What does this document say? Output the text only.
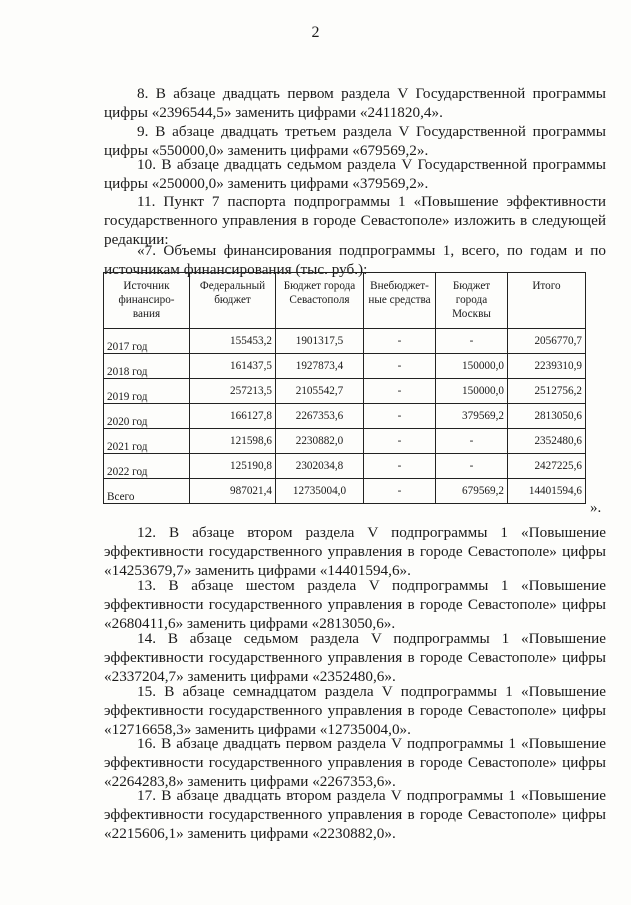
2
8. В абзаце двадцать первом раздела V Государственной программы цифры «2396544,5» заменить цифрами «2411820,4».
9. В абзаце двадцать третьем раздела V Государственной программы цифры «550000,0» заменить цифрами «679569,2».
10. В абзаце двадцать седьмом раздела V Государственной программы цифры «250000,0» заменить цифрами «379569,2».
11. Пункт 7 паспорта подпрограммы 1 «Повышение эффективности государственного управления в городе Севастополе» изложить в следующей редакции:
«7. Объемы финансирования подпрограммы 1, всего, по годам и по источникам финансирования (тыс. руб.):
Источник финансиро-вания	Федеральный бюджет	Бюджет города Севастополя	Внебюджет-ные средства	Бюджет города Москвы	Итого
2017 год	155453,2	1901317,5	-	-	2056770,7
2018 год	161437,5	1927873,4	-	150000,0	2239310,9
2019 год	257213,5	2105542,7	-	150000,0	2512756,2
2020 год	166127,8	2267353,6	-	379569,2	2813050,6
2021 год	121598,6	2230882,0	-	-	2352480,6
2022 год	125190,8	2302034,8	-	-	2427225,6
Всего	987021,4	12735004,0	-	679569,2	14401594,6
».
12. В абзаце втором раздела V подпрограммы 1 «Повышение эффективности государственного управления в городе Севастополе» цифры «14253679,7» заменить цифрами «14401594,6».
13. В абзаце шестом раздела V подпрограммы 1 «Повышение эффективности государственного управления в городе Севастополе» цифры «2680411,6» заменить цифрами «2813050,6».
14. В абзаце седьмом раздела V подпрограммы 1 «Повышение эффективности государственного управления в городе Севастополе» цифры «2337204,7» заменить цифрами «2352480,6».
15. В абзаце семнадцатом раздела V подпрограммы 1 «Повышение эффективности государственного управления в городе Севастополе» цифры «12716658,3» заменить цифрами «12735004,0».
16. В абзаце двадцать первом раздела V подпрограммы 1 «Повышение эффективности государственного управления в городе Севастополе» цифры «2264283,8» заменить цифрами «2267353,6».
17. В абзаце двадцать втором раздела V подпрограммы 1 «Повышение эффективности государственного управления в городе Севастополе» цифры «2215606,1» заменить цифрами «2230882,0».
